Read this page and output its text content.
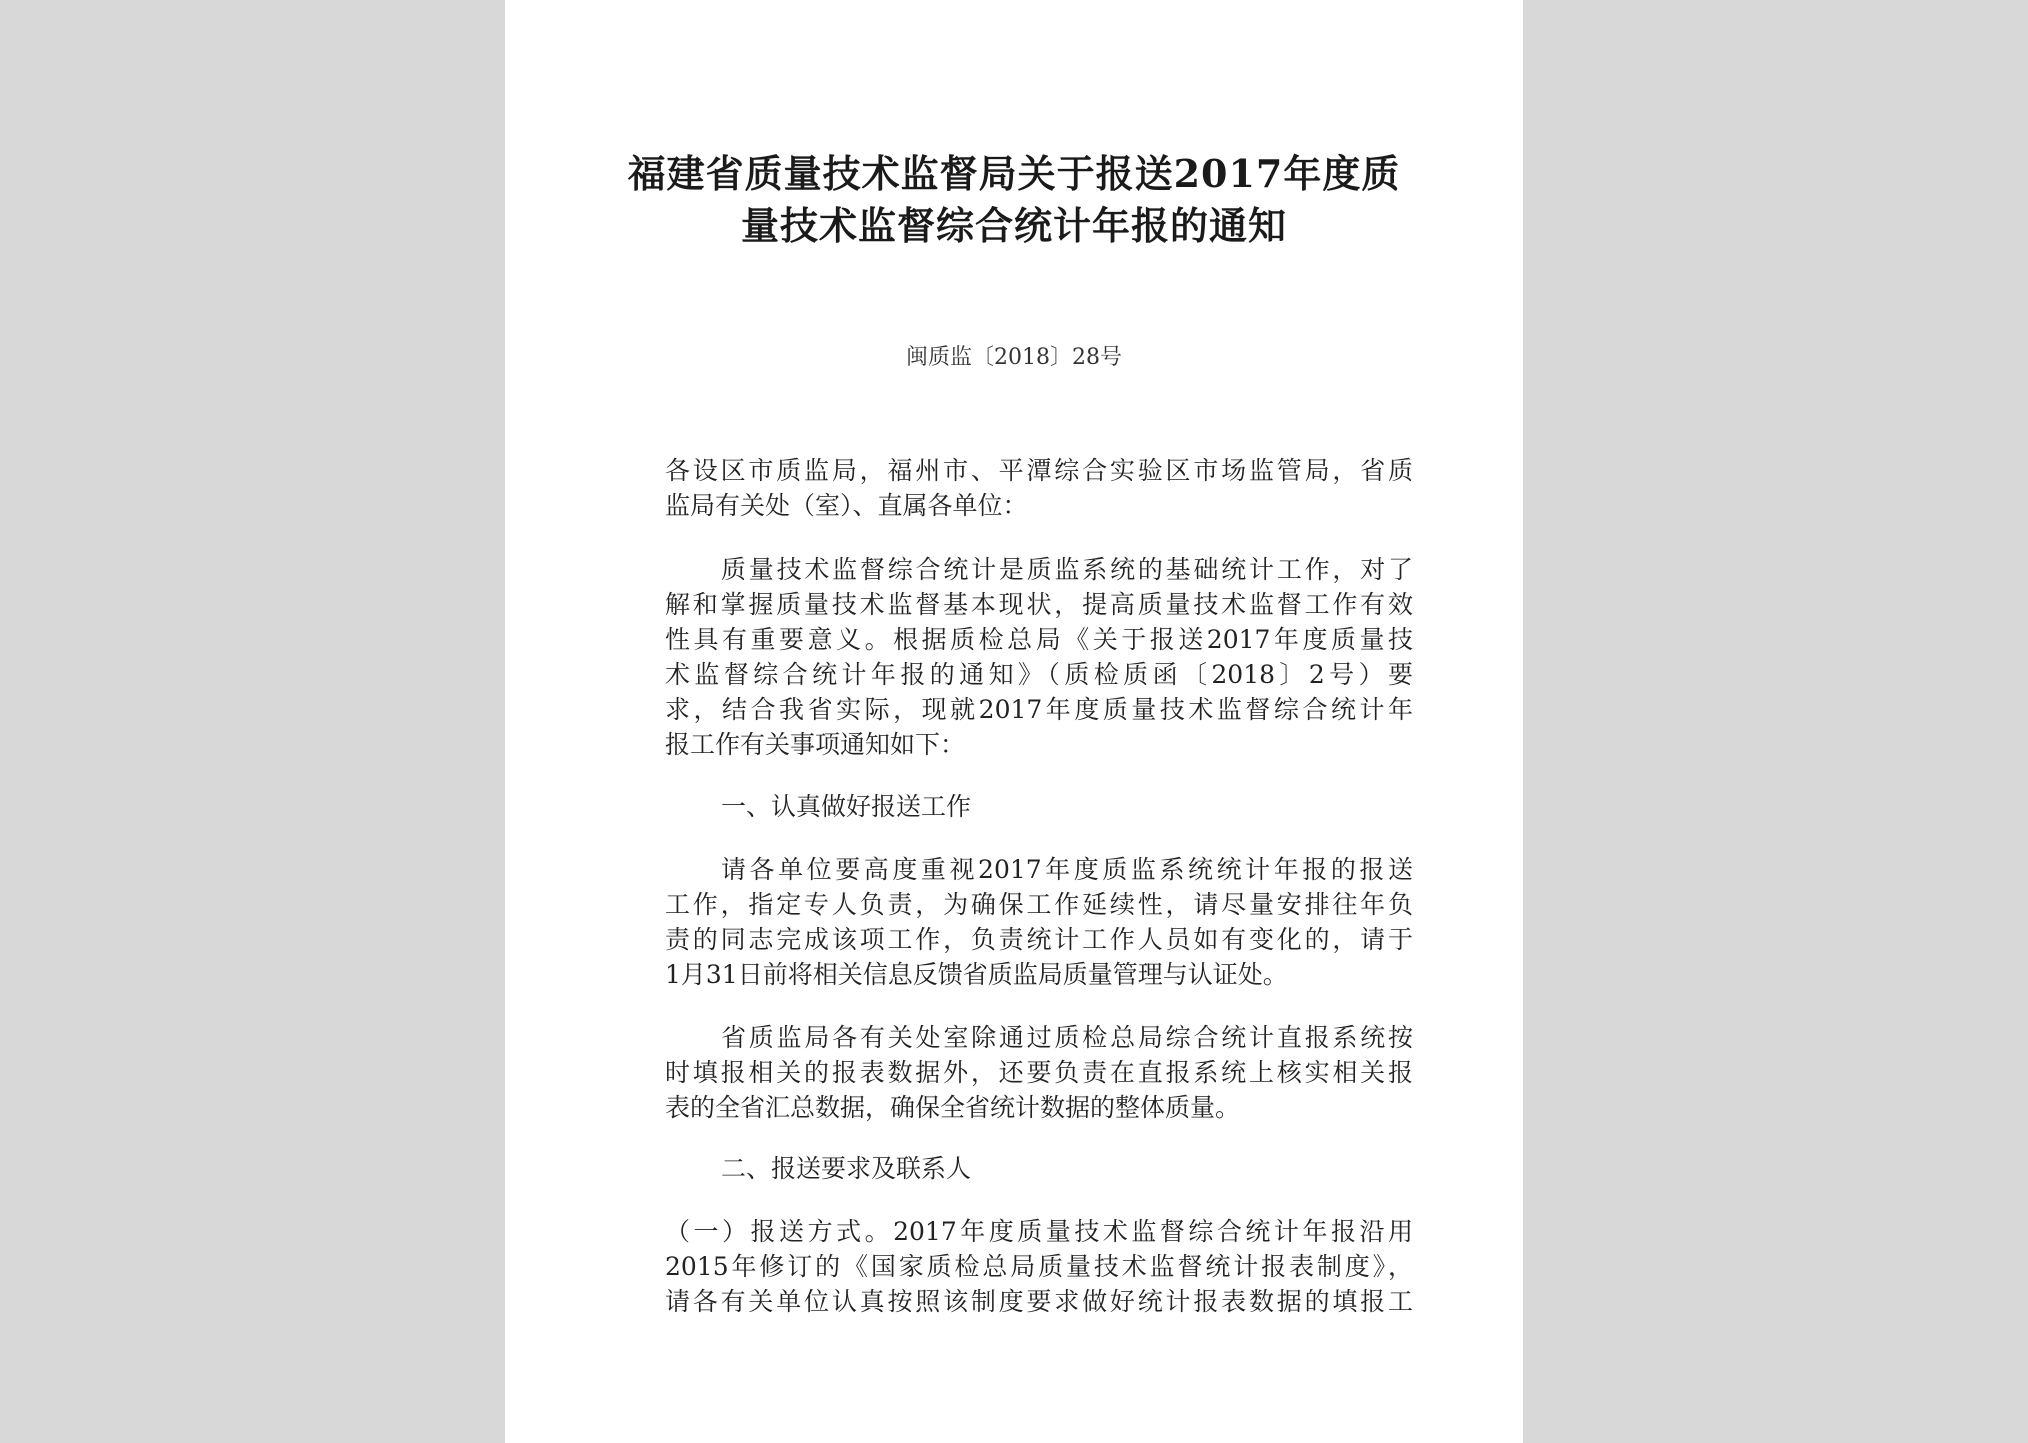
福建省质量技术监督局关于报送2017年度质
量技术监督综合统计年报的通知
闽质监〔2018〕28号
各设区市质监局，福州市、平潭综合实验区市场监管局，省质
监局有关处（室）、直属各单位：
质量技术监督综合统计是质监系统的基础统计工作，对了
解和掌握质量技术监督基本现状，提高质量技术监督工作有效
性具有重要意义。根据质检总局《关于报送2017年度质量技
术监督综合统计年报的通知》（质检质函〔2018〕2号）要
求，结合我省实际，现就2017年度质量技术监督综合统计年
报工作有关事项通知如下：
一、认真做好报送工作
请各单位要高度重视2017年度质监系统统计年报的报送
工作，指定专人负责，为确保工作延续性，请尽量安排往年负
责的同志完成该项工作，负责统计工作人员如有变化的，请于
1月31日前将相关信息反馈省质监局质量管理与认证处。
省质监局各有关处室除通过质检总局综合统计直报系统按
时填报相关的报表数据外，还要负责在直报系统上核实相关报
表的全省汇总数据，确保全省统计数据的整体质量。
二、报送要求及联系人
（一）报送方式。2017年度质量技术监督综合统计年报沿用
2015年修订的《国家质检总局质量技术监督统计报表制度》，
请各有关单位认真按照该制度要求做好统计报表数据的填报工
